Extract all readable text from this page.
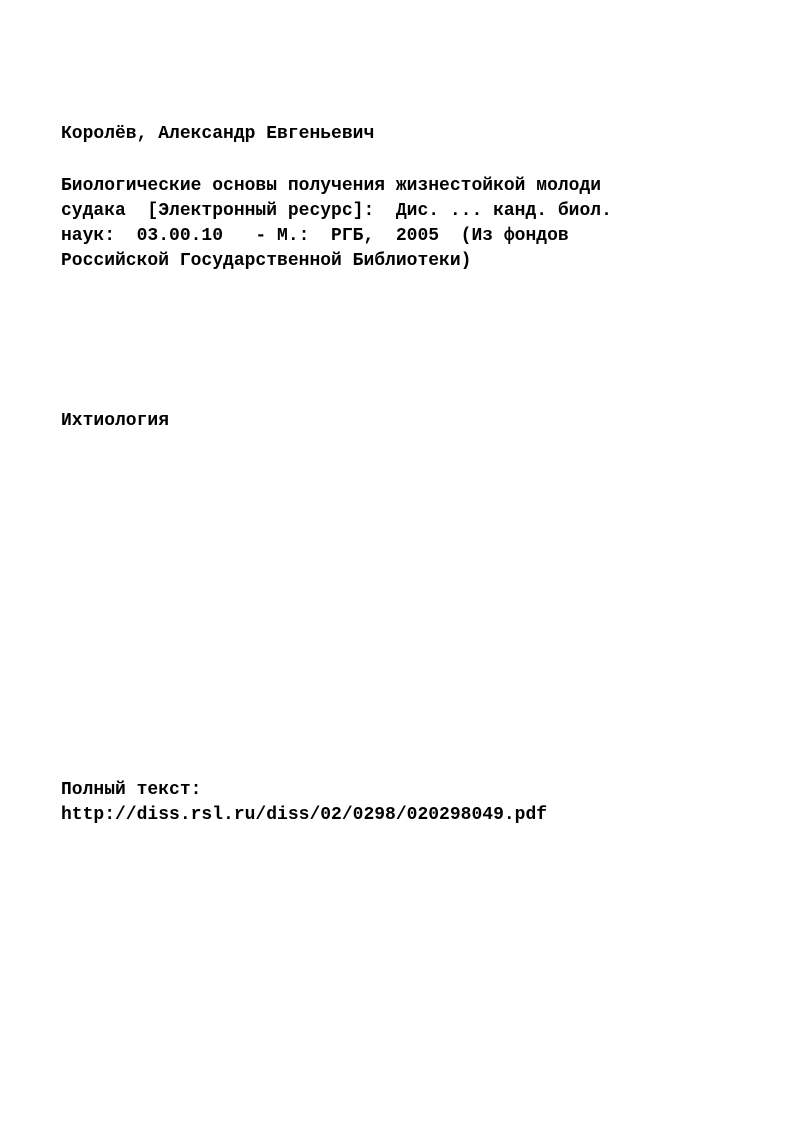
Королёв, Александр Евгеньевич

Биологические основы получения жизнестойкой молоди

судака  [Электронный ресурс]:  Дис. ... канд. биол.

наук:  03.00.10   - М.:  РГБ,  2005  (Из фондов

Российской Государственной Библиотеки)

Ихтиология

Полный текст:

http://diss.rsl.ru/diss/02/0298/020298049.pdf
